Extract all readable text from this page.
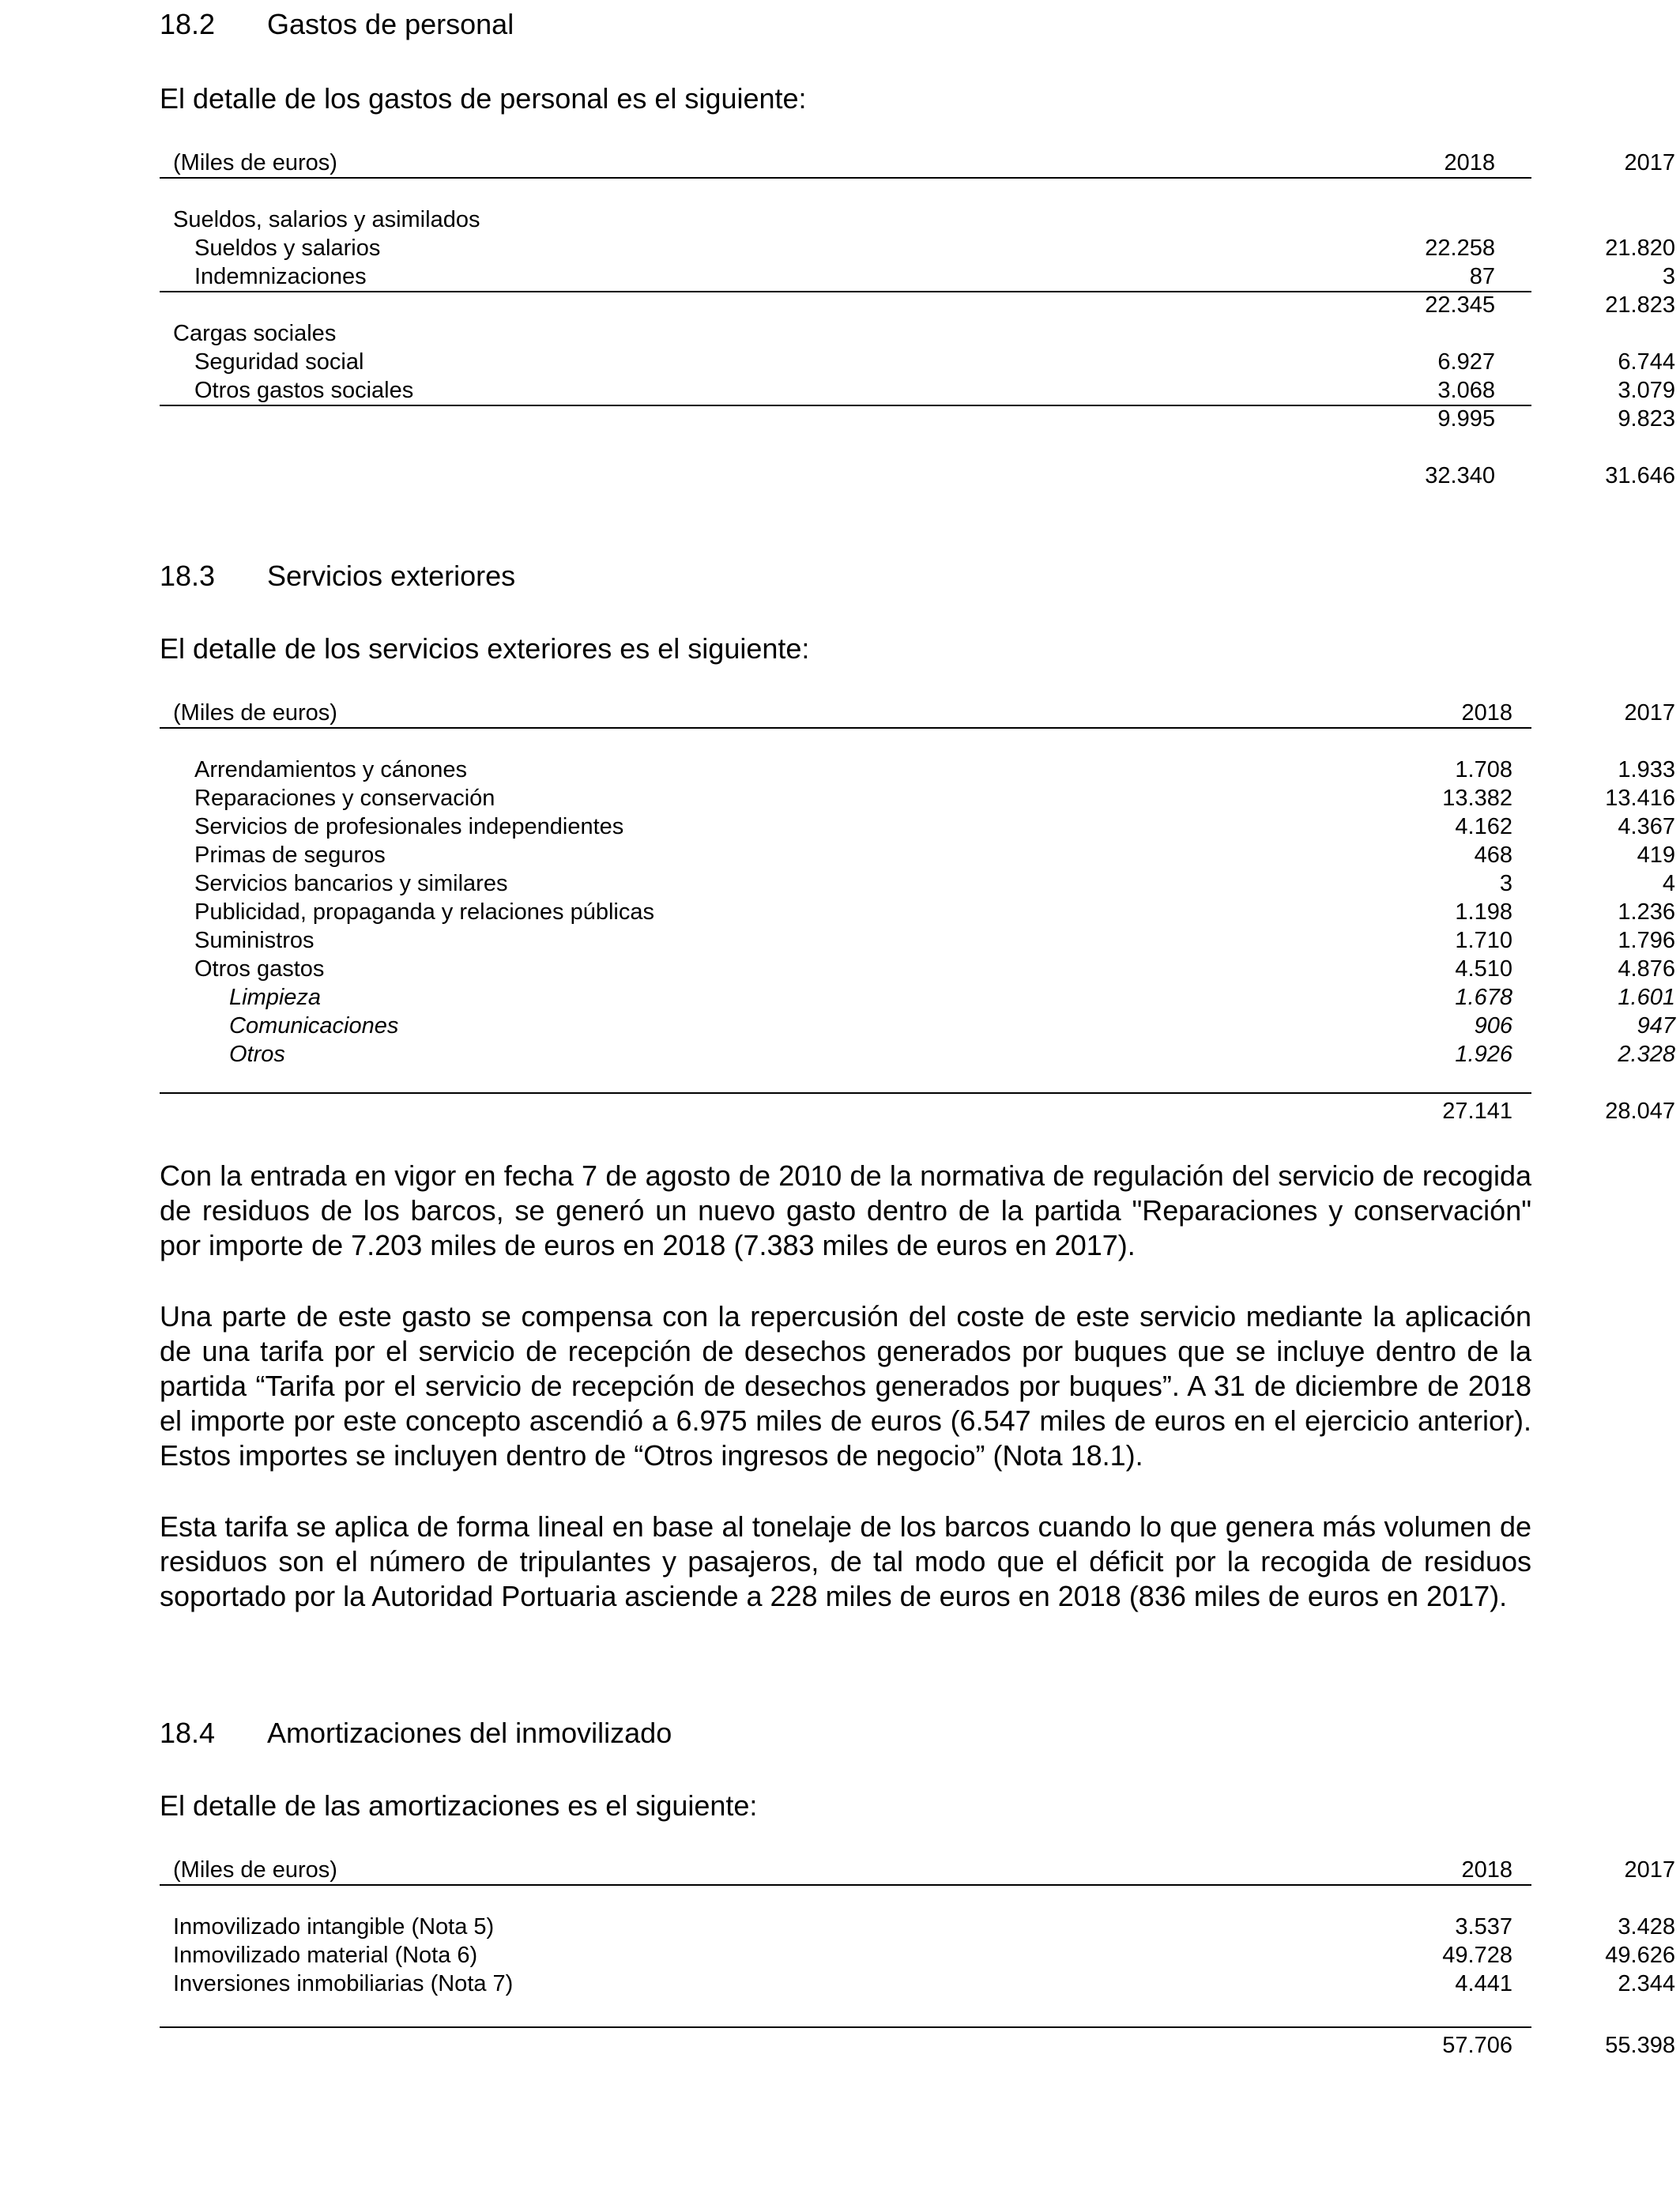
18.2 Gastos de personal
El detalle de los gastos de personal es el siguiente:
(Miles de euros)	2018	2017
Sueldos, salarios y asimilados
Sueldos y salarios	22.258	21.820
Indemnizaciones	87	3
22.345	21.823
Cargas sociales
Seguridad social	6.927	6.744
Otros gastos sociales	3.068	3.079
9.995	9.823
32.340	31.646
18.3 Servicios exteriores
El detalle de los servicios exteriores es el siguiente:
(Miles de euros)	2018	2017
Arrendamientos y cánones	1.708	1.933
Reparaciones y conservación	13.382	13.416
Servicios de profesionales independientes	4.162	4.367
Primas de seguros	468	419
Servicios bancarios y similares	3	4
Publicidad, propaganda y relaciones públicas	1.198	1.236
Suministros	1.710	1.796
Otros gastos	4.510	4.876
Limpieza	1.678	1.601
Comunicaciones	906	947
Otros	1.926	2.328
27.141	28.047
Con la entrada en vigor en fecha 7 de agosto de 2010 de la normativa de regulación del servicio de recogida de residuos de los barcos, se generó un nuevo gasto dentro de la partida "Reparaciones y conservación" por importe de 7.203 miles de euros en 2018 (7.383 miles de euros en 2017).
Una parte de este gasto se compensa con la repercusión del coste de este servicio mediante la aplicación de una tarifa por el servicio de recepción de desechos generados por buques que se incluye dentro de la partida “Tarifa por el servicio de recepción de desechos generados por buques”. A 31 de diciembre de 2018 el importe por este concepto ascendió a 6.975 miles de euros (6.547 miles de euros en el ejercicio anterior). Estos importes se incluyen dentro de “Otros ingresos de negocio” (Nota 18.1).
Esta tarifa se aplica de forma lineal en base al tonelaje de los barcos cuando lo que genera más volumen de residuos son el número de tripulantes y pasajeros, de tal modo que el déficit por la recogida de residuos soportado por la Autoridad Portuaria asciende a 228 miles de euros en 2018 (836 miles de euros en 2017).
18.4 Amortizaciones del inmovilizado
El detalle de las amortizaciones es el siguiente:
(Miles de euros)	2018	2017
Inmovilizado intangible (Nota 5)	3.537	3.428
Inmovilizado material (Nota 6)	49.728	49.626
Inversiones inmobiliarias (Nota 7)	4.441	2.344
57.706	55.398
